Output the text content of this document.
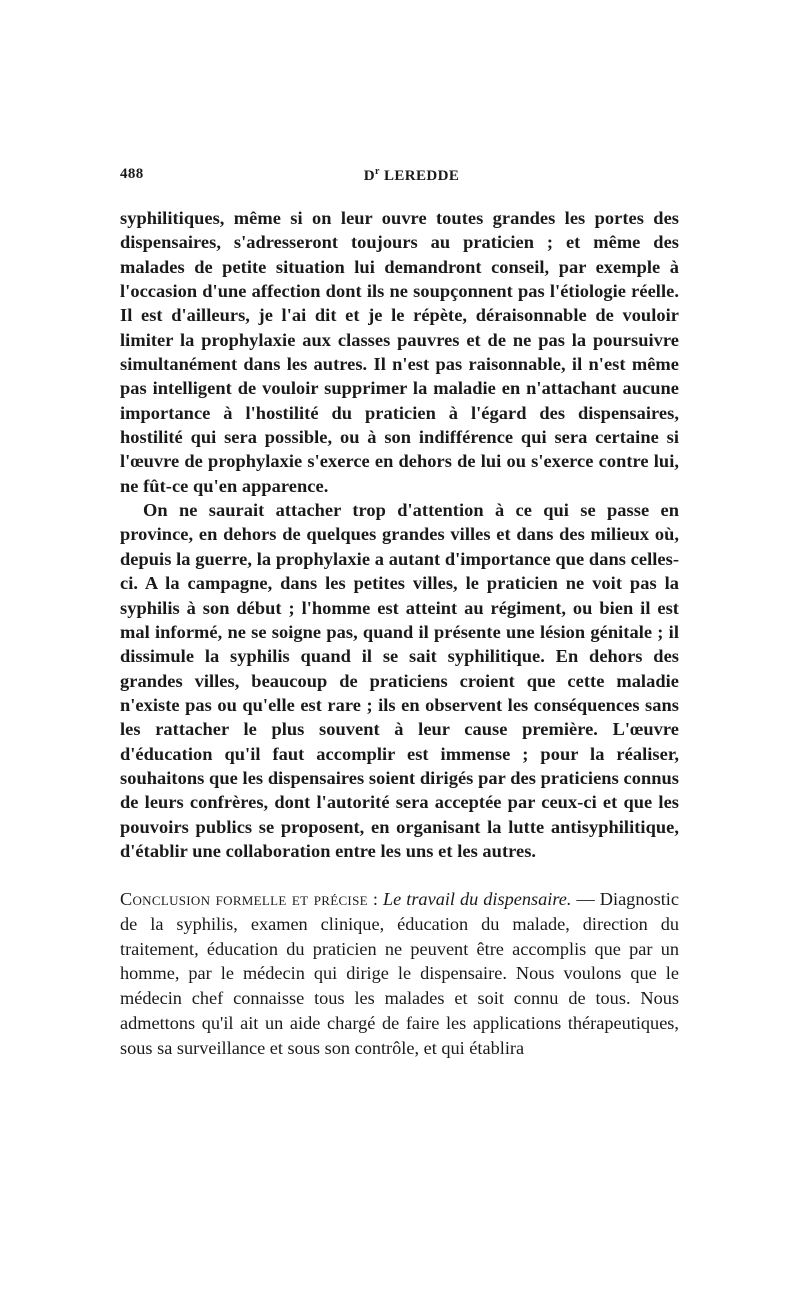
488	$D^r$ LEREDDE

syphilitiques, même si on leur ouvre toutes grandes les portes des dispensaires, s'adresseront toujours au praticien ; et même des malades de petite situation lui demandront conseil, par exemple à l'occasion d'une affection dont ils ne soupçonnent pas l'étiologie réelle. Il est d'ailleurs, je l'ai dit et je le répète, déraisonnable de vouloir limiter la prophylaxie aux classes pauvres et de ne pas la poursuivre simultanément dans les autres. Il n'est pas raisonnable, il n'est même pas intelligent de vouloir supprimer la maladie en n'attachant aucune importance à l'hostilité du praticien à l'égard des dispensaires, hostilité qui sera possible, ou à son indifférence qui sera certaine si l'œuvre de prophylaxie s'exerce en dehors de lui ou s'exerce contre lui, ne fût-ce qu'en apparence.

On ne saurait attacher trop d'attention à ce qui se passe en province, en dehors de quelques grandes villes et dans des milieux où, depuis la guerre, la prophylaxie a autant d'importance que dans celles-ci. A la campagne, dans les petites villes, le praticien ne voit pas la syphilis à son début ; l'homme est atteint au régiment, ou bien il est mal informé, ne se soigne pas, quand il présente une lésion génitale ; il dissimule la syphilis quand il se sait syphilitique. En dehors des grandes villes, beaucoup de praticiens croient que cette maladie n'existe pas ou qu'elle est rare ; ils en observent les conséquences sans les rattacher le plus souvent à leur cause première. L'œuvre d'éducation qu'il faut accomplir est immense ; pour la réaliser, souhaitons que les dispensaires soient dirigés par des praticiens connus de leurs confrères, dont l'autorité sera acceptée par ceux-ci et que les pouvoirs publics se proposent, en organisant la lutte antisyphilitique, d'établir une collaboration entre les uns et les autres.

Conclusion formelle et précise : Le travail du dispensaire. — Diagnostic de la syphilis, examen clinique, éducation du malade, direction du traitement, éducation du praticien ne peuvent être accomplis que par un homme, par le médecin qui dirige le dispensaire. Nous voulons que le médecin chef connaisse tous les malades et soit connu de tous. Nous admettons qu'il ait un aide chargé de faire les applications thérapeutiques, sous sa surveillance et sous son contrôle, et qui établira
